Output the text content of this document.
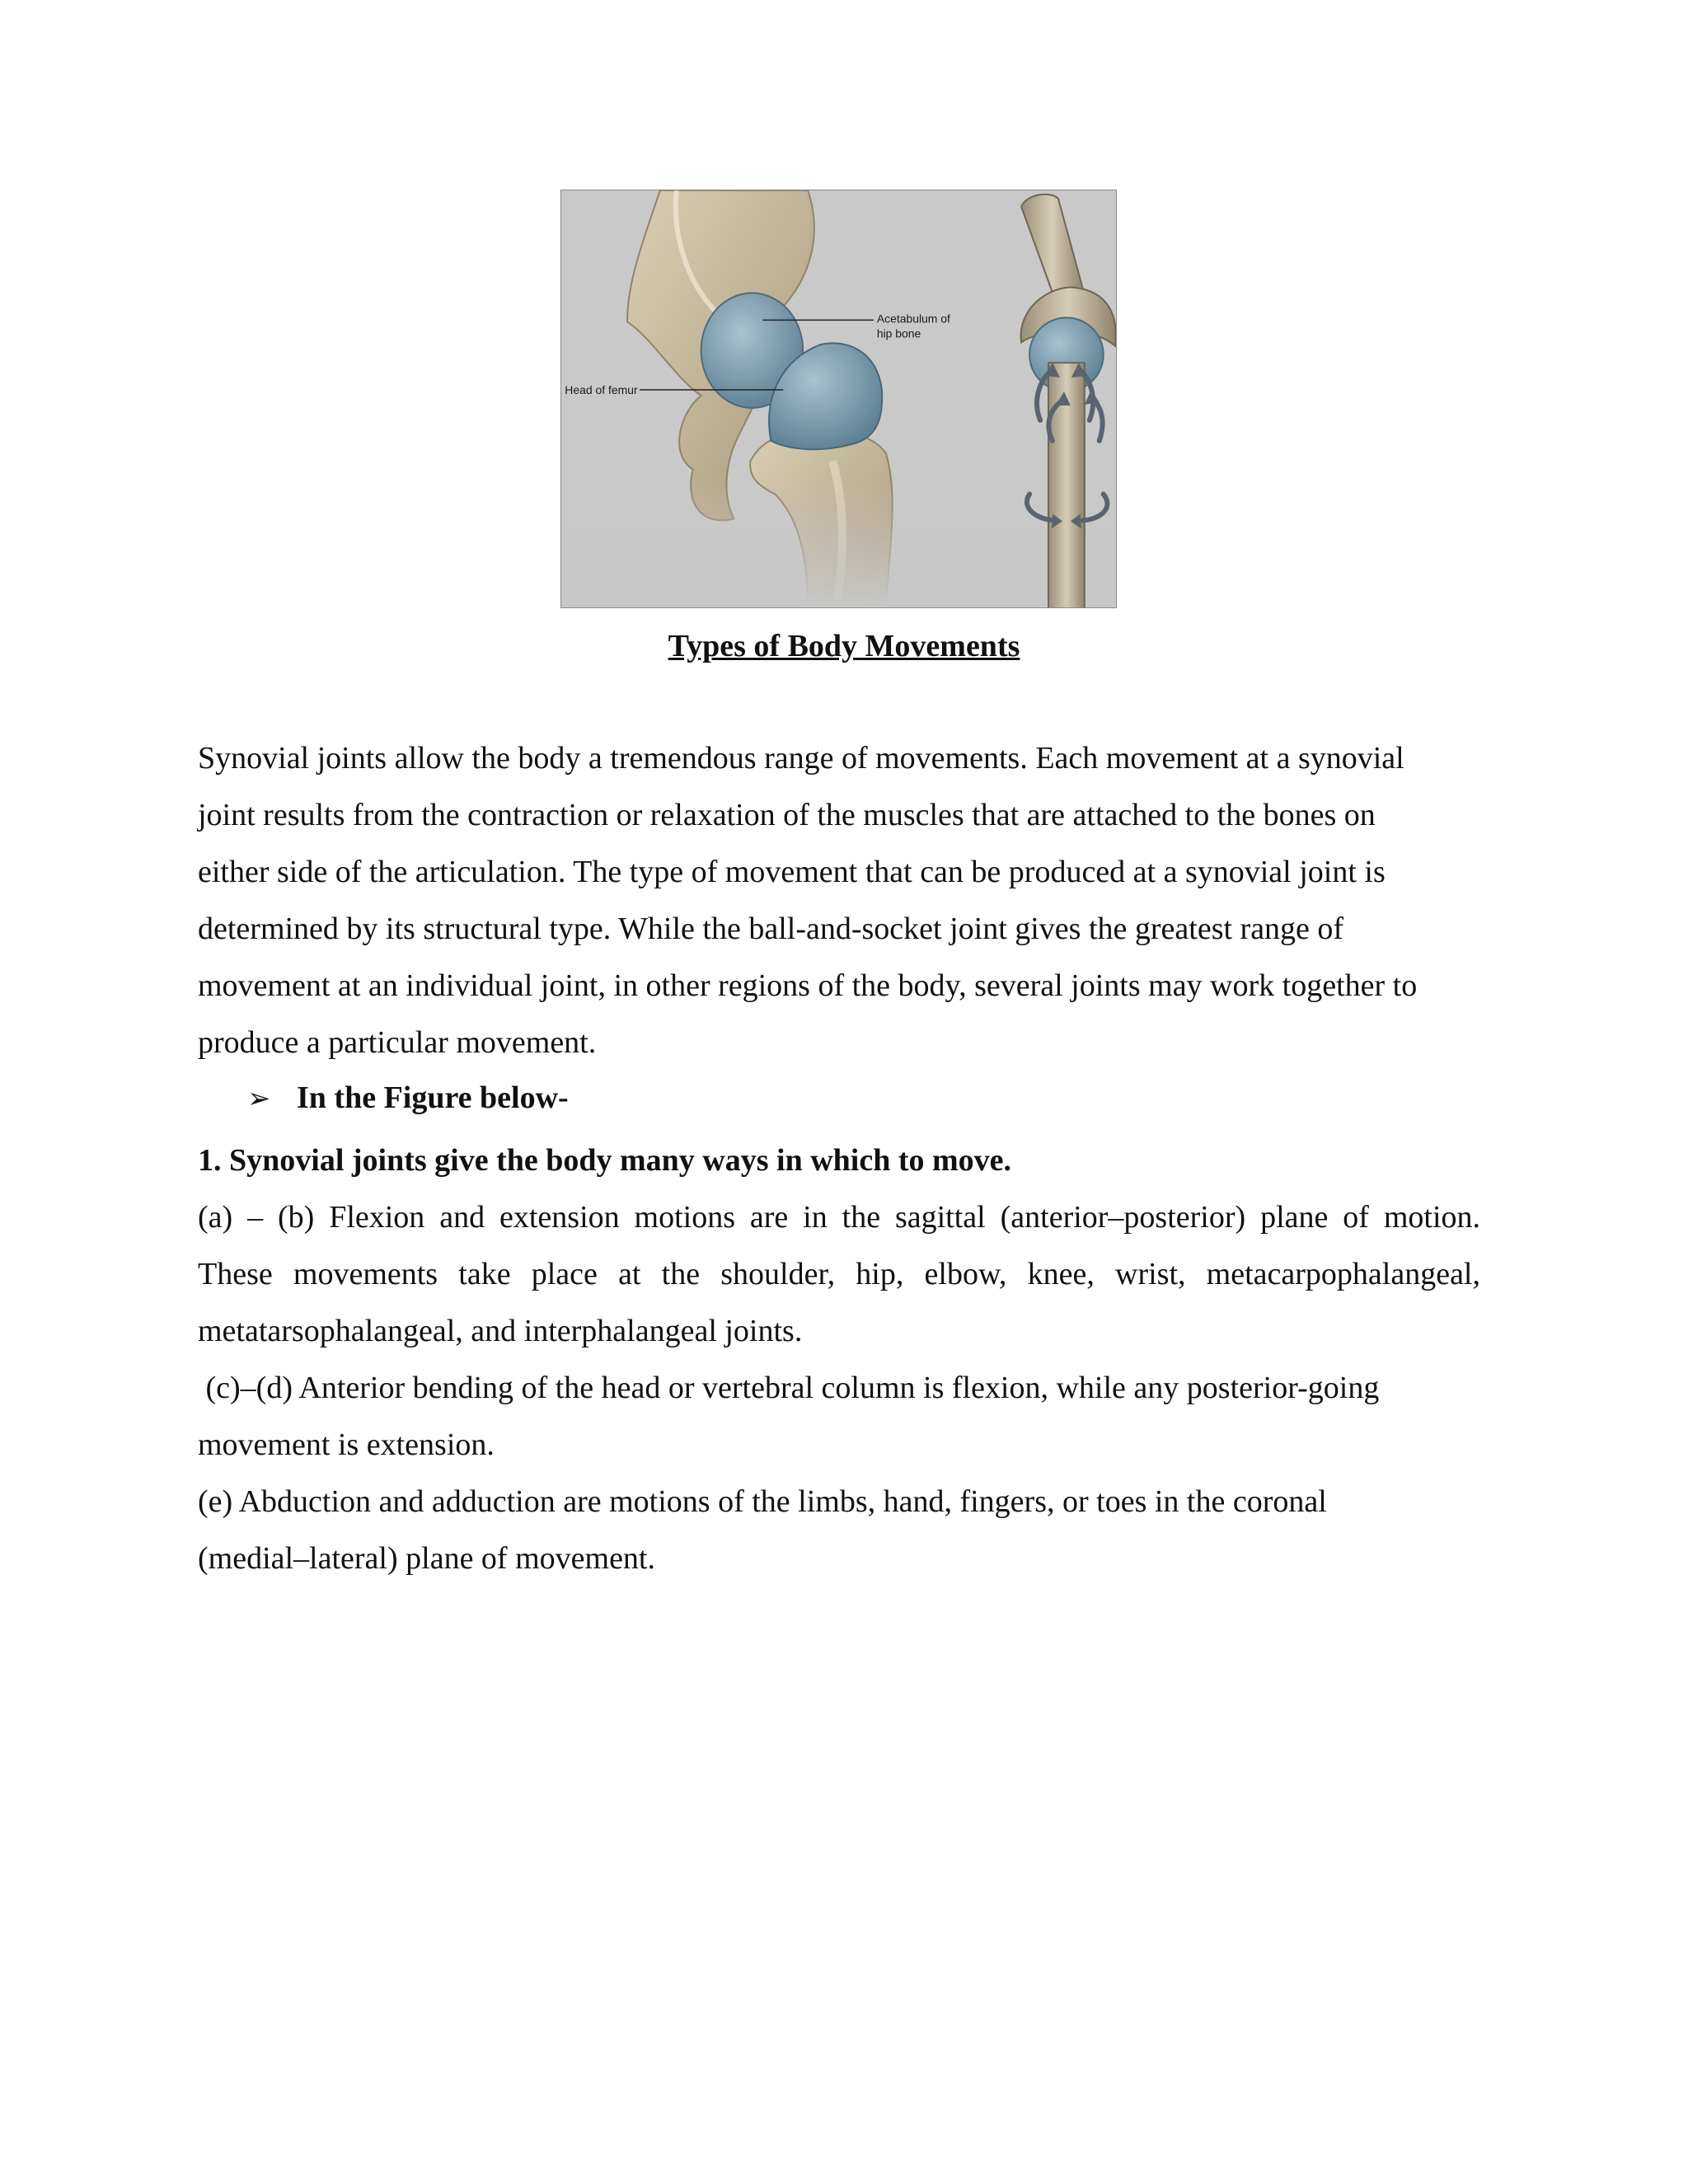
Acetabulum of
hip bone
Head of femur
Types of Body Movements
Synovial joints allow the body a tremendous range of movements. Each movement at a synovial
joint results from the contraction or relaxation of the muscles that are attached to the bones on
either side of the articulation. The type of movement that can be produced at a synovial joint is
determined by its structural type. While the ball-and-socket joint gives the greatest range of
movement at an individual joint, in other regions of the body, several joints may work together to
produce a particular movement.
➢ In the Figure below-
1. Synovial joints give the body many ways in which to move.
(a) – (b) Flexion and extension motions are in the sagittal (anterior–posterior) plane of motion.
These movements take place at the shoulder, hip, elbow, knee, wrist, metacarpophalangeal,
metatarsophalangeal, and interphalangeal joints.
(c)–(d) Anterior bending of the head or vertebral column is flexion, while any posterior-going
movement is extension.
(e) Abduction and adduction are motions of the limbs, hand, fingers, or toes in the coronal
(medial–lateral) plane of movement.
